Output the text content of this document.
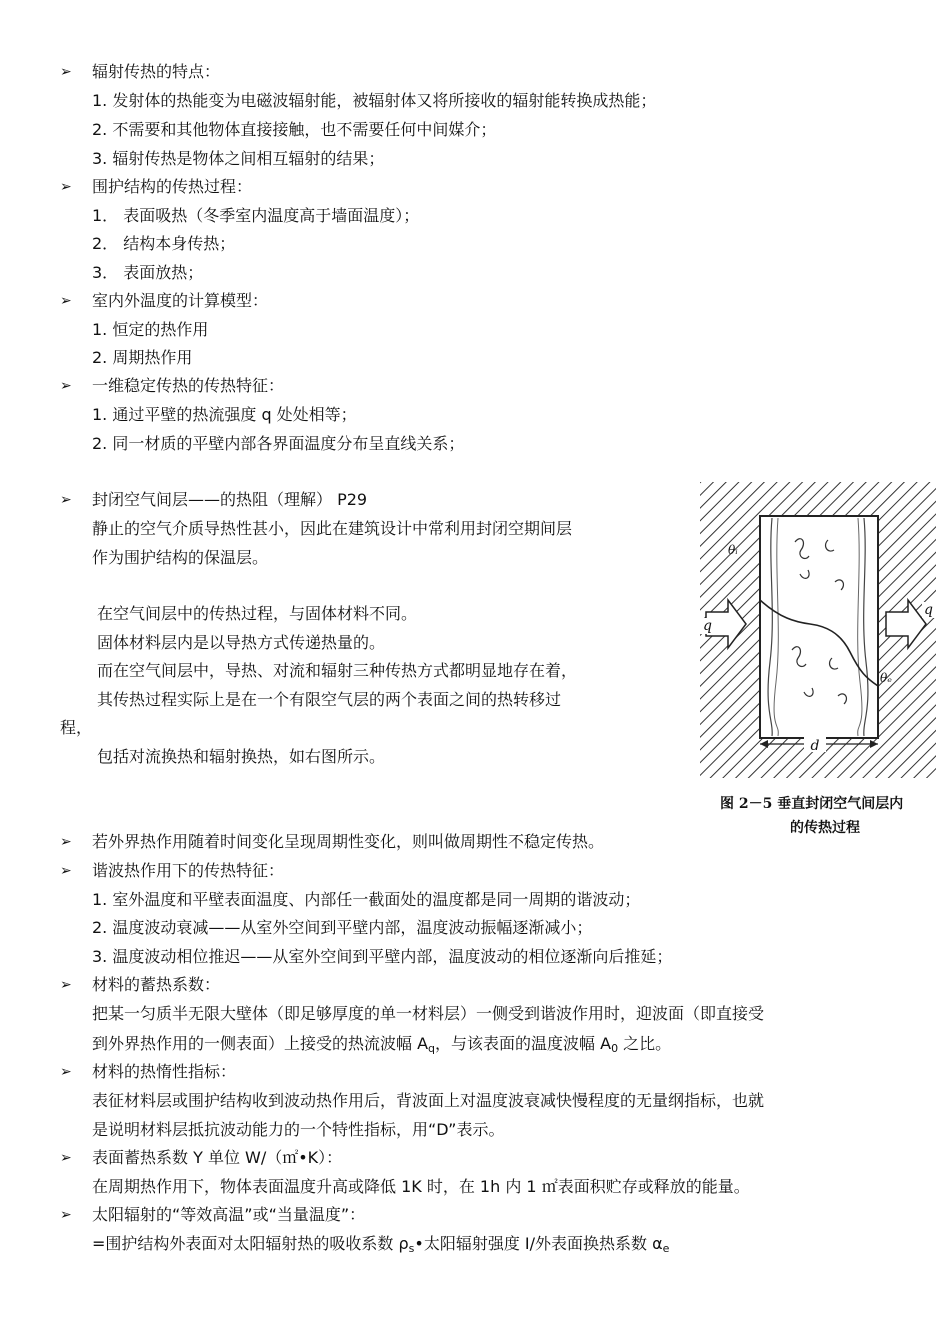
➢ 辐射传热的特点：
1. 发射体的热能变为电磁波辐射能，被辐射体又将所接收的辐射能转换成热能；
2. 不需要和其他物体直接接触，也不需要任何中间媒介；
3. 辐射传热是物体之间相互辐射的结果；
➢ 围护结构的传热过程：
1． 表面吸热（冬季室内温度高于墙面温度）；
2． 结构本身传热；
3． 表面放热；
➢ 室内外温度的计算模型：
1. 恒定的热作用
2. 周期热作用
➢ 一维稳定传热的传热特征：
1. 通过平壁的热流强度 q 处处相等；
2. 同一材质的平壁内部各界面温度分布呈直线关系；
➢ 封闭空气间层——的热阻（理解） P29
静止的空气介质导热性甚小，因此在建筑设计中常利用封闭空期间层
作为围护结构的保温层。
在空气间层中的传热过程，与固体材料不同。
固体材料层内是以导热方式传递热量的。
而在空气间层中，导热、对流和辐射三种传热方式都明显地存在着，
其传热过程实际上是在一个有限空气层的两个表面之间的热转移过
程，
包括对流换热和辐射换热，如右图所示。
d
q
q
θᵢ
θₑ
图 2－5 垂直封闭空气间层内
的传热过程
➢ 若外界热作用随着时间变化呈现周期性变化，则叫做周期性不稳定传热。
➢ 谐波热作用下的传热特征：
1. 室外温度和平壁表面温度、内部任一截面处的温度都是同一周期的谐波动；
2. 温度波动衰减——从室外空间到平壁内部，温度波动振幅逐渐减小；
3. 温度波动相位推迟——从室外空间到平壁内部，温度波动的相位逐渐向后推延；
➢ 材料的蓄热系数：
把某一匀质半无限大壁体（即足够厚度的单一材料层）一侧受到谐波作用时，迎波面（即直接受
到外界热作用的一侧表面）上接受的热流波幅 $A_q$，与该表面的温度波幅 $A_0$ 之比。
➢ 材料的热惰性指标：
表征材料层或围护结构收到波动热作用后，背波面上对温度波衰减快慢程度的无量纲指标，也就
是说明材料层抵抗波动能力的一个特性指标，用“D”表示。
➢ 表面蓄热系数 Y 单位 W/（㎡•K）：
在周期热作用下，物体表面温度升高或降低 1K 时，在 1h 内 1 ㎡表面积贮存或释放的能量。
➢ 太阳辐射的“等效高温”或“当量温度”：
=围护结构外表面对太阳辐射热的吸收系数 $\rho_s•$太阳辐射强度 I/外表面换热系数 $\alpha_e$
